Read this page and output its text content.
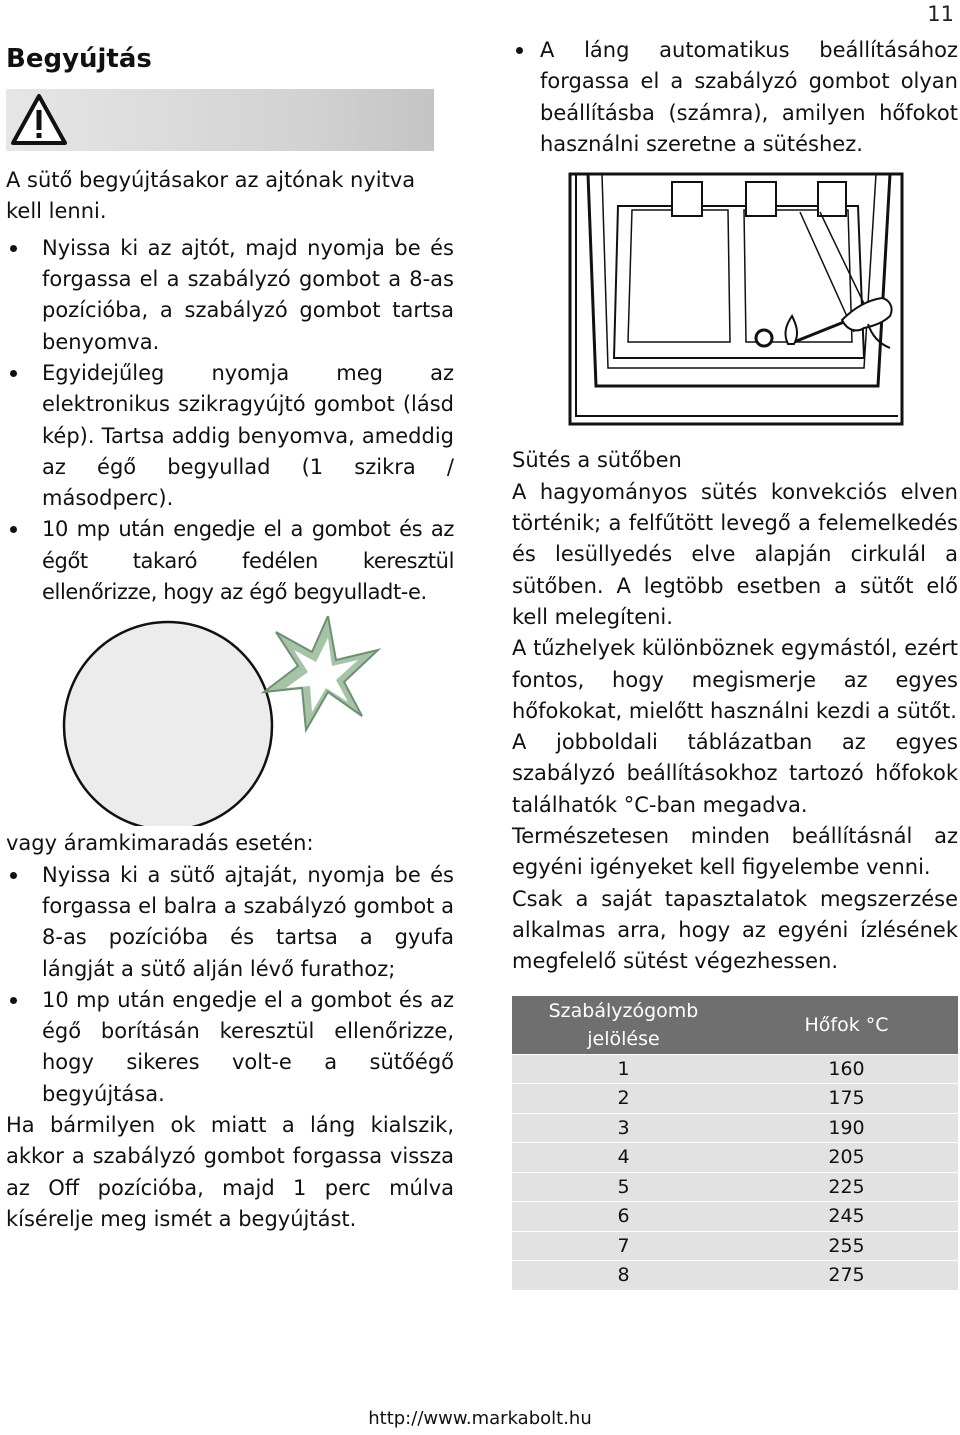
11
Begyújtás

A sütő begyújtásakor az ajtónak nyitva kell lenni.

Nyissa ki az ajtót, majd nyomja be és forgassa el a szabályzó gombot a 8-as pozícióba, a szabályzó gombot tartsa benyomva.
Egyidejűleg nyomja meg az elektronikus szikragyújtó gombot (lásd kép). Tartsa addig benyomva, ameddig az égő begyullad (1 szikra / másodperc).
10 mp után engedje el a gombot és az égőt takaró fedélen keresztül ellenőrizze, hogy az égő begyulladt-e.
vagy áramkimaradás esetén:
Nyissa ki a sütő ajtaját, nyomja be és forgassa el balra a szabályzó gombot a 8-as pozícióba és tartsa a gyufa lángját a sütő alján lévő furathoz;
10 mp után engedje el a gombot és az égő borításán keresztül ellenőrizze, hogy sikeres volt-e a sütőégő begyújtása.

Ha bármilyen ok miatt a láng kialszik, akkor a szabályzó gombot forgassa vissza az Off pozícióba, majd 1 perc múlva kísérelje meg ismét a begyújtást.

A láng automatikus beállításához forgassa el a szabályzó gombot olyan beállításba (számra), amilyen hőfokot használni szeretne a sütéshez.
Sütés a sütőben

A hagyományos sütés konvekciós elven történik; a felfűtött levegő a felemelkedés és lesüllyedés elve alapján cirkulál a sütőben. A legtöbb esetben a sütőt elő kell melegíteni.

A tűzhelyek különböznek egymástól, ezért fontos, hogy megismerje az egyes hőfokokat, mielőtt használni kezdi a sütőt.

A jobboldali táblázatban az egyes szabályzó beállításokhoz tartozó hőfokok találhatók °C-ban megadva.

Természetesen minden beállításnál az egyéni igényeket kell figyelembe venni.

Csak a saját tapasztalatok megszerzése alkalmas arra, hogy az egyéni ízlésének megfelelő sütést végezhessen.

Szabályzógomb jelölése	Hőfok °C
1	160
2	175
3	190
4	205
5	225
6	245
7	255
8	275
http://www.markabolt.hu
